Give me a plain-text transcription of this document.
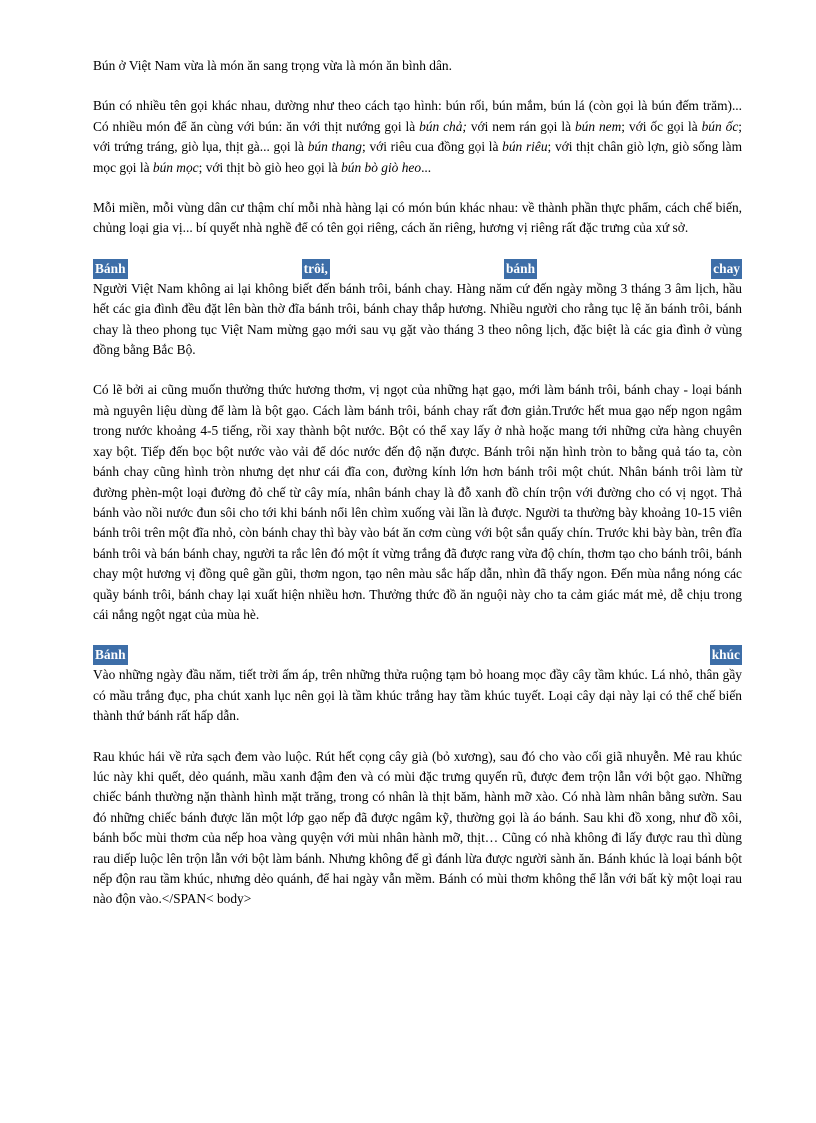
Bún ở Việt Nam vừa là món ăn sang trọng vừa là món ăn bình dân.

Bún có nhiều tên gọi khác nhau, dường như theo cách tạo hình: bún rối, bún mắm, bún lá (còn gọi là bún đếm trăm)... Có nhiều món để ăn cùng với bún: ăn với thịt nướng gọi là bún chả; với nem rán gọi là bún nem; với ốc gọi là bún ốc; với trứng tráng, giò lụa, thịt gà... gọi là bún thang; với riêu cua đồng gọi là bún riêu; với thịt chân giò lợn, giò sống làm mọc gọi là bún mọc; với thịt bò giò heo gọi là bún bò giò heo...

Mỗi miền, mỗi vùng dân cư thậm chí mỗi nhà hàng lại có món bún khác nhau: về thành phần thực phẩm, cách chế biến, chủng loại gia vị... bí quyết nhà nghề để có tên gọi riêng, cách ăn riêng, hương vị riêng rất đặc trưng của xứ sở.

Bánh	trôi,	bánh	chay

Người Việt Nam không ai lại không biết đến bánh trôi, bánh chay. Hàng năm cứ đến ngày mồng 3 tháng 3 âm lịch, hầu hết các gia đình đều đặt lên bàn thờ đĩa bánh trôi, bánh chay thắp hương. Nhiều người cho rằng tục lệ ăn bánh trôi, bánh chay là theo phong tục Việt Nam mừng gạo mới sau vụ gặt vào tháng 3 theo nông lịch, đặc biệt là các gia đình ở vùng đồng bằng Bắc Bộ.

Có lẽ bởi ai cũng muốn thưởng thức hương thơm, vị ngọt của những hạt gạo, mới làm bánh trôi, bánh chay - loại bánh mà nguyên liệu dùng để làm là bột gạo. Cách làm bánh trôi, bánh chay rất đơn giản.Trước hết mua gạo nếp ngon ngâm trong nước khoảng 4-5 tiếng, rồi xay thành bột nước. Bột có thể xay lấy ở nhà hoặc mang tới những cửa hàng chuyên xay bột. Tiếp đến bọc bột nước vào vải để dóc nước đến độ nặn được. Bánh trôi nặn hình tròn to bằng quả táo ta, còn bánh chay cũng hình tròn nhưng dẹt như cái đĩa con, đường kính lớn hơn bánh trôi một chút. Nhân bánh trôi làm từ đường phèn-một loại đường đỏ chế từ cây mía, nhân bánh chay là đỗ xanh đồ chín trộn với đường cho có vị ngọt. Thả bánh vào nồi nước đun sôi cho tới khi bánh nổi lên chìm xuống vài lần là được. Người ta thường bày khoảng 10-15 viên bánh trôi trên một đĩa nhỏ, còn bánh chay thì bày vào bát ăn cơm cùng với bột sắn quấy chín. Trước khi bày bàn, trên đĩa bánh trôi và bán bánh chay, người ta rắc lên đó một ít vừng trắng đã được rang vừa độ chín, thơm tạo cho bánh trôi, bánh chay một hương vị đồng quê gần gũi, thơm ngon, tạo nên màu sắc hấp dẫn, nhìn đã thấy ngon. Đến mùa nắng nóng các quầy bánh trôi, bánh chay lại xuất hiện nhiều hơn. Thưởng thức đồ ăn nguội này cho ta cảm giác mát mẻ, dễ chịu trong cái nắng ngột ngạt của mùa hè.

Bánh	khúc

Vào những ngày đầu năm, tiết trời ấm áp, trên những thửa ruộng tạm bỏ hoang mọc đầy cây tầm khúc. Lá nhỏ, thân gầy có mầu trắng đục, pha chút xanh lục nên gọi là tầm khúc trắng hay tầm khúc tuyết. Loại cây dại này lại có thể chế biến thành thứ bánh rất hấp dẫn.

Rau khúc hái về rửa sạch đem vào luộc. Rút hết cọng cây già (bỏ xương), sau đó cho vào cối giã nhuyễn. Mẻ rau khúc lúc này khi quết, dẻo quánh, mầu xanh đậm đen và có mùi đặc trưng quyến rũ, được đem trộn lẫn với bột gạo. Những chiếc bánh thường nặn thành hình mặt trăng, trong có nhân là thịt băm, hành mỡ xào. Có nhà làm nhân bằng sườn. Sau đó những chiếc bánh được lăn một lớp gạo nếp đã được ngâm kỹ, thường gọi là áo bánh. Sau khi đồ xong, như đồ xôi, bánh bốc mùi thơm của nếp hoa vàng quyện với mùi nhân hành mỡ, thịt… Cũng có nhà không đi lấy được rau thì dùng rau diếp luộc lên trộn lẫn với bột làm bánh. Nhưng không để gì đánh lừa được người sành ăn. Bánh khúc là loại bánh bột nếp độn rau tầm khúc, nhưng dẻo quánh, để hai ngày vẫn mềm. Bánh có mùi thơm không thể lẫn với bất kỳ một loại rau nào độn vào.</SPAN< body>
